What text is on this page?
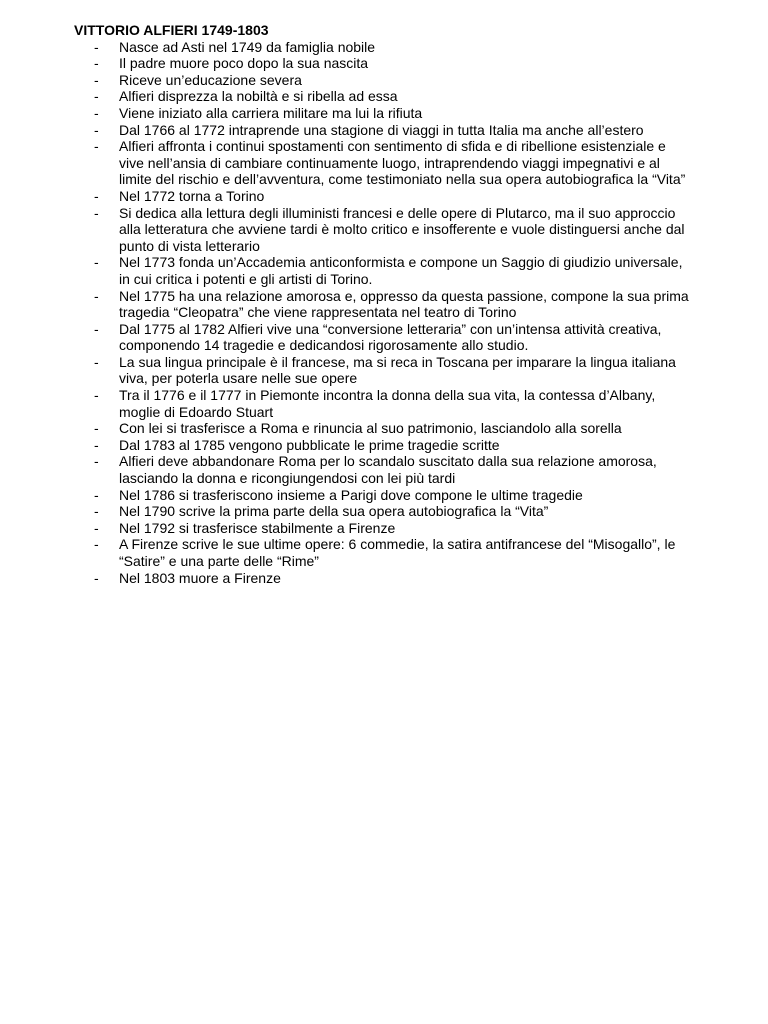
VITTORIO ALFIERI 1749-1803

- Nasce ad Asti nel 1749 da famiglia nobile
- Il padre muore poco dopo la sua nascita
- Riceve un’educazione severa
- Alfieri disprezza la nobiltà e si ribella ad essa
- Viene iniziato alla carriera militare ma lui la rifiuta
- Dal 1766 al 1772 intraprende una stagione di viaggi in tutta Italia ma anche all’estero
- Alfieri affronta i continui spostamenti con sentimento di sfida e di ribellione esistenziale e vive nell’ansia di cambiare continuamente luogo, intraprendendo viaggi impegnativi e al limite del rischio e dell’avventura, come testimoniato nella sua opera autobiografica la “Vita”
- Nel 1772 torna a Torino
- Si dedica alla lettura degli illuministi francesi e delle opere di Plutarco, ma il suo approccio alla letteratura che avviene tardi è molto critico e insofferente e vuole distinguersi anche dal punto di vista letterario
- Nel 1773 fonda un’Accademia anticonformista e compone un Saggio di giudizio universale, in cui critica i potenti e gli artisti di Torino.
- Nel 1775 ha una relazione amorosa e, oppresso da questa passione, compone la sua prima tragedia “Cleopatra” che viene rappresentata nel teatro di Torino
- Dal 1775 al 1782 Alfieri vive una “conversione letteraria” con un’intensa attività creativa, componendo 14 tragedie e dedicandosi rigorosamente allo studio.
- La sua lingua principale è il francese, ma si reca in Toscana per imparare la lingua italiana viva, per poterla usare nelle sue opere
- Tra il 1776 e il 1777 in Piemonte incontra la donna della sua vita, la contessa d’Albany, moglie di Edoardo Stuart
- Con lei si trasferisce a Roma e rinuncia al suo patrimonio, lasciandolo alla sorella
- Dal 1783 al 1785 vengono pubblicate le prime tragedie scritte
- Alfieri deve abbandonare Roma per lo scandalo suscitato dalla sua relazione amorosa, lasciando la donna e ricongiungendosi con lei più tardi
- Nel 1786 si trasferiscono insieme a Parigi dove compone le ultime tragedie
- Nel 1790 scrive la prima parte della sua opera autobiografica la “Vita”
- Nel 1792 si trasferisce stabilmente a Firenze
- A Firenze scrive le sue ultime opere: 6 commedie, la satira antifrancese del “Misogallo”, le “Satire” e una parte delle “Rime”
- Nel 1803 muore a Firenze
